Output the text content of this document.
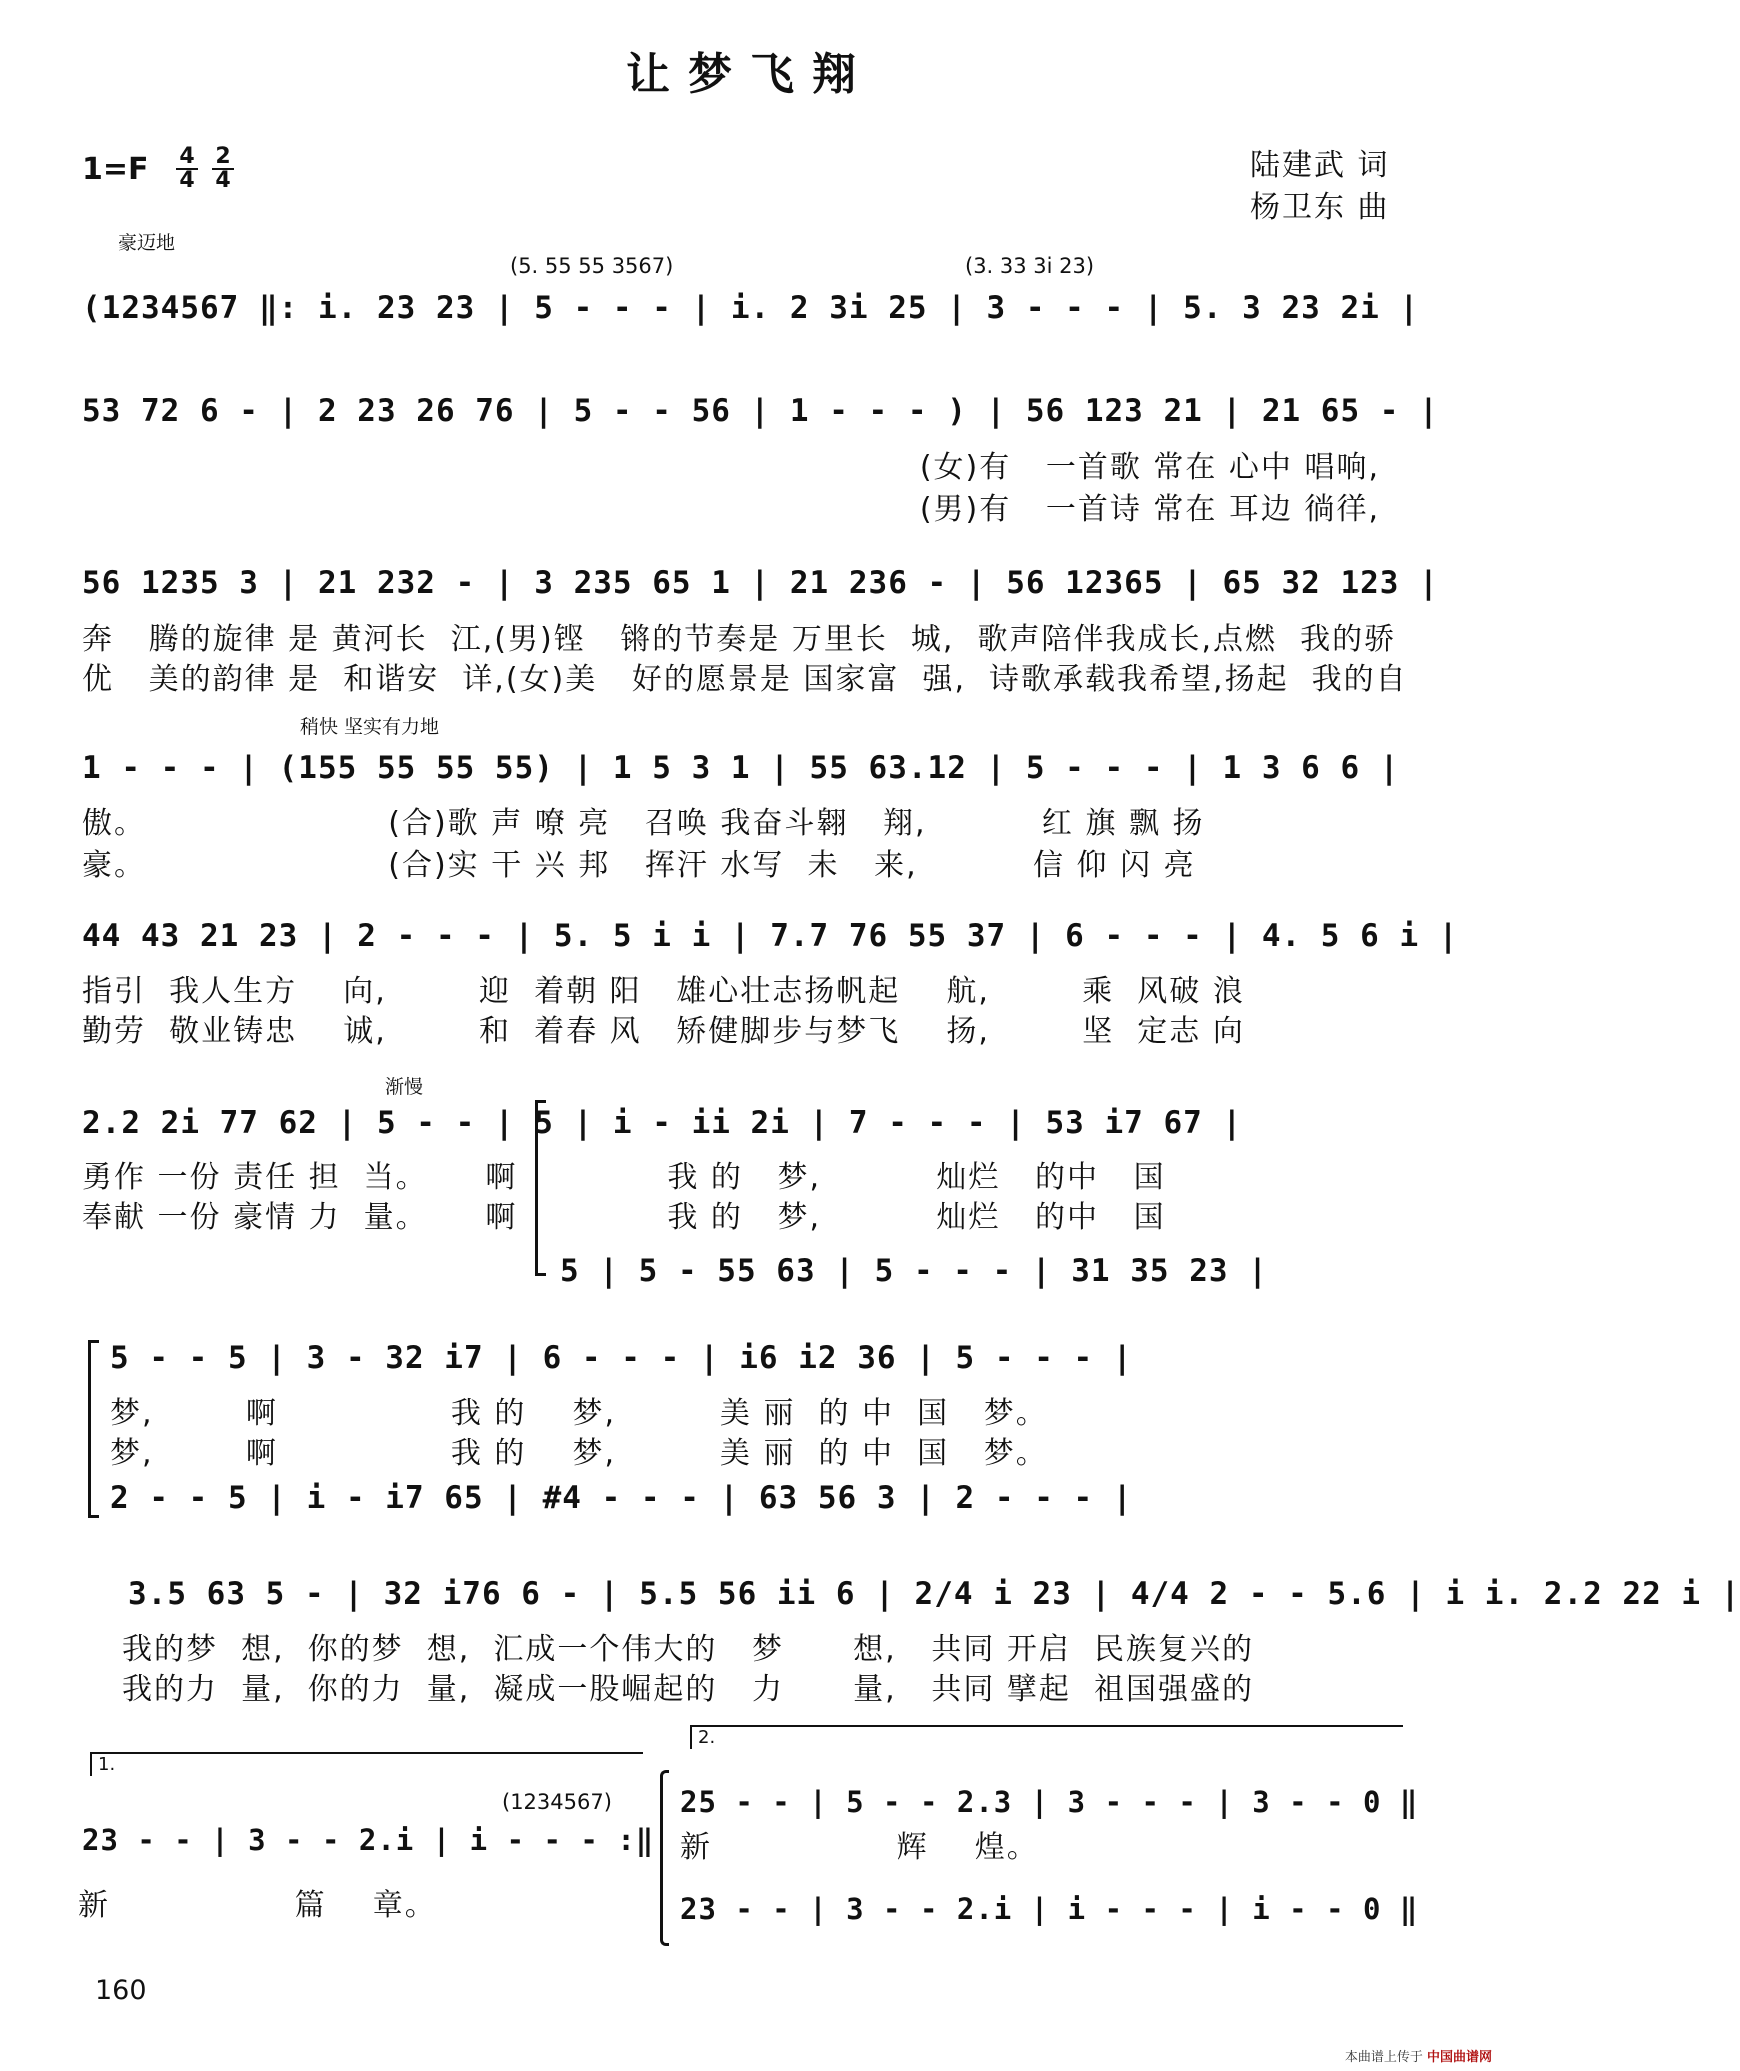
让梦飞翔
1=F 4
4
2
4	陆建武 词
杨卫东 曲
豪迈地
(5. 55 55 3567)	(3. 33 3i 23)
(1234567 ‖: i. 23 23 | 5 - - - | i. 2 3i 25 | 3 - - - | 5. 3 23 2i |
53 72 6 - | 2 23 26 76 | 5 - - 56 | 1 - - - ) | 56 123 21 | 21 65 - |
(女)有   一首歌 常在 心中 唱响,
(男)有   一首诗 常在 耳边 徜徉,
56 1235 3 | 21 232 - | 3 235 65 1 | 21 236 - | 56 12365 | 65 32 123 |
奔   腾的旋律 是 黄河长  江,(男)铿   锵的节奏是 万里长  城,  歌声陪伴我成长,点燃  我的骄
优   美的韵律 是  和谐安  详,(女)美   好的愿景是 国家富  强,  诗歌承载我希望,扬起  我的自
稍快 坚实有力地
1 - - - | (155 55 55 55) | 1 5 3 1 | 55 63.12 | 5 - - - | 1 3 6 6 |
傲。                     (合)歌 声 嘹 亮   召唤 我奋斗翱   翔,          红 旗 飘 扬
豪。                     (合)实 干 兴 邦   挥汗 水写  未   来,          信 仰 闪 亮
44 43 21 23 | 2 - - - | 5. 5 i i | 7.7 76 55 37 | 6 - - - | 4. 5 6 i |
指引  我人生方    向,        迎  着朝 阳   雄心壮志扬帆起    航,        乘  风破 浪
勤劳  敬业铸忠    诚,        和  着春 风   矫健脚步与梦飞    扬,        坚  定志 向
渐慢
2.2 2i 77 62 | 5 - - | 5 | i - ii 2i | 7 - - - | 53 i7 67 |
勇作 一份 责任 担  当。     啊             我 的   梦,          灿烂   的中   国
奉献 一份 豪情 力  量。     啊             我 的   梦,          灿烂   的中   国
5 | 5 - 55 63 | 5 - - - | 31 35 23 |
5 - - 5 | 3 - 32 i7 | 6 - - - | i6 i2 36 | 5 - - - |
梦,        啊               我 的    梦,         美 丽  的 中  国   梦。
梦,        啊               我 的    梦,         美 丽  的 中  国   梦。
2 - - 5 | i - i7 65 | #4 - - - | 63 56 3 | 2 - - - |
3.5 63 5 - | 32 i76 6 - | 5.5 56 ii 6 | 2/4 i 23 | 4/4 2 - - 5.6 | i i. 2.2 22 i |
我的梦  想,  你的梦  想,  汇成一个伟大的   梦      想,   共同 开启  民族复兴的
我的力  量,  你的力  量,  凝成一股崛起的   力      量,   共同 擘起  祖国强盛的
1.
(1234567)
23 - - | 3 - - 2.i | i - - - :‖
新                篇    章。
2.
25 - - | 5 - - 2.3 | 3 - - - | 3 - - 0 ‖
新                辉    煌。
23 - - | 3 - - 2.i | i - - - | i - - 0 ‖
160
本曲谱上传于 中国曲谱网
